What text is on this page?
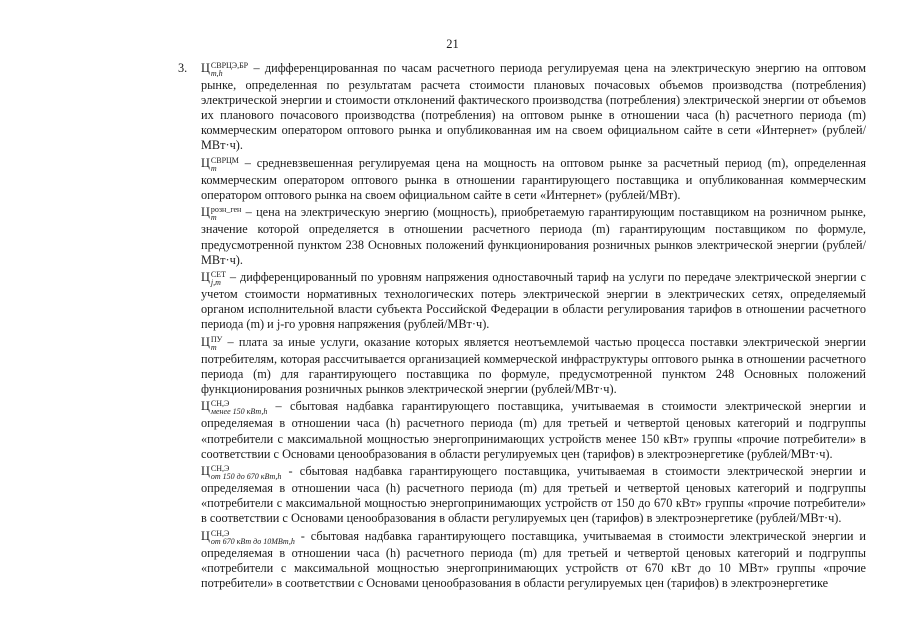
21

3. Ц СВРЦЭ,БР
m,h	– дифференцированная по часам расчетного периода регулируемая цена на электрическую энергию на оптовом рынке, определенная по результатам расчета стоимости плановых почасовых объемов производства (потребления) электрической энергии и стоимости отклонений фактического производства (потребления) электрической энергии от объемов их планового почасового производства (потребления) на оптовом рынке в отношении часа (h) расчетного периода (m) коммерческим оператором оптового рынка и опубликованная им на своем официальном сайте в сети «Интернет» (рублей/МВт·ч).

Ц СВРЦМ
m	– средневзвешенная регулируемая цена на мощность на оптовом рынке за расчетный период (m), определенная коммерческим оператором оптового рынка в отношении гарантирующего поставщика и опубликованная коммерческим оператором оптового рынка на своем официальном сайте в сети «Интернет» (рублей/МВт).

Ц розн_ген
m	– цена на электрическую энергию (мощность), приобретаемую гарантирующим поставщиком на розничном рынке, значение которой определяется в отношении расчетного периода (m) гарантирующим поставщиком по формуле, предусмотренной пунктом 238 Основных положений функционирования розничных рынков электрической энергии (рублей/МВт·ч).

Ц СЕТ
j,m – дифференцированный по уровням напряжения одноставочный тариф на услуги по передаче электрической энергии с учетом стоимости нормативных технологических потерь электрической энергии в электрических сетях, определяемый органом исполнительной власти субъекта Российской Федерации в области регулирования тарифов в отношении расчетного периода (m) и j-го уровня напряжения (рублей/МВт·ч).

Ц ПУ
m – плата за иные услуги, оказание которых является неотъемлемой частью процесса поставки электрической энергии потребителям, которая рассчитывается организацией коммерческой инфраструктуры оптового рынка в отношении расчетного периода (m) для гарантирующего поставщика по формуле, предусмотренной пунктом 248 Основных положений функционирования розничных рынков электрической энергии (рублей/МВт·ч).

Ц СН,Э
менее 150 кВт,h – сбытовая надбавка гарантирующего поставщика, учитываемая в стоимости электрической энергии и определяемая в отношении часа (h) расчетного периода (m) для третьей и четвертой ценовых категорий и подгруппы «потребители с максимальной мощностью энергопринимающих устройств менее 150 кВт» группы «прочие потребители» в соответствии с Основами ценообразования в области регулируемых цен (тарифов) в электроэнергетике (рублей/МВт·ч).

Ц СН,Э
от 150 до 670 кВт,h - сбытовая надбавка гарантирующего поставщика, учитываемая в стоимости электрической энергии и определяемая в отношении часа (h) расчетного периода (m) для третьей и четвертой ценовых категорий и подгруппы «потребители с максимальной мощностью энергопринимающих устройств от 150 до 670 кВт» группы «прочие потребители» в соответствии с Основами ценообразования в области регулируемых цен (тарифов) в электроэнергетике (рублей/МВт·ч).

Ц СН,Э
от 670 кВт до 10МВт,h - сбытовая надбавка гарантирующего поставщика, учитываемая в стоимости электрической энергии и определяемая в отношении часа (h) расчетного периода (m) для третьей и четвертой ценовых категорий и подгруппы «потребители с максимальной мощностью энергопринимающих устройств от 670 кВт до 10 МВт» группы «прочие потребители» в соответствии с Основами ценообразования в области регулируемых цен (тарифов) в электроэнергетике
